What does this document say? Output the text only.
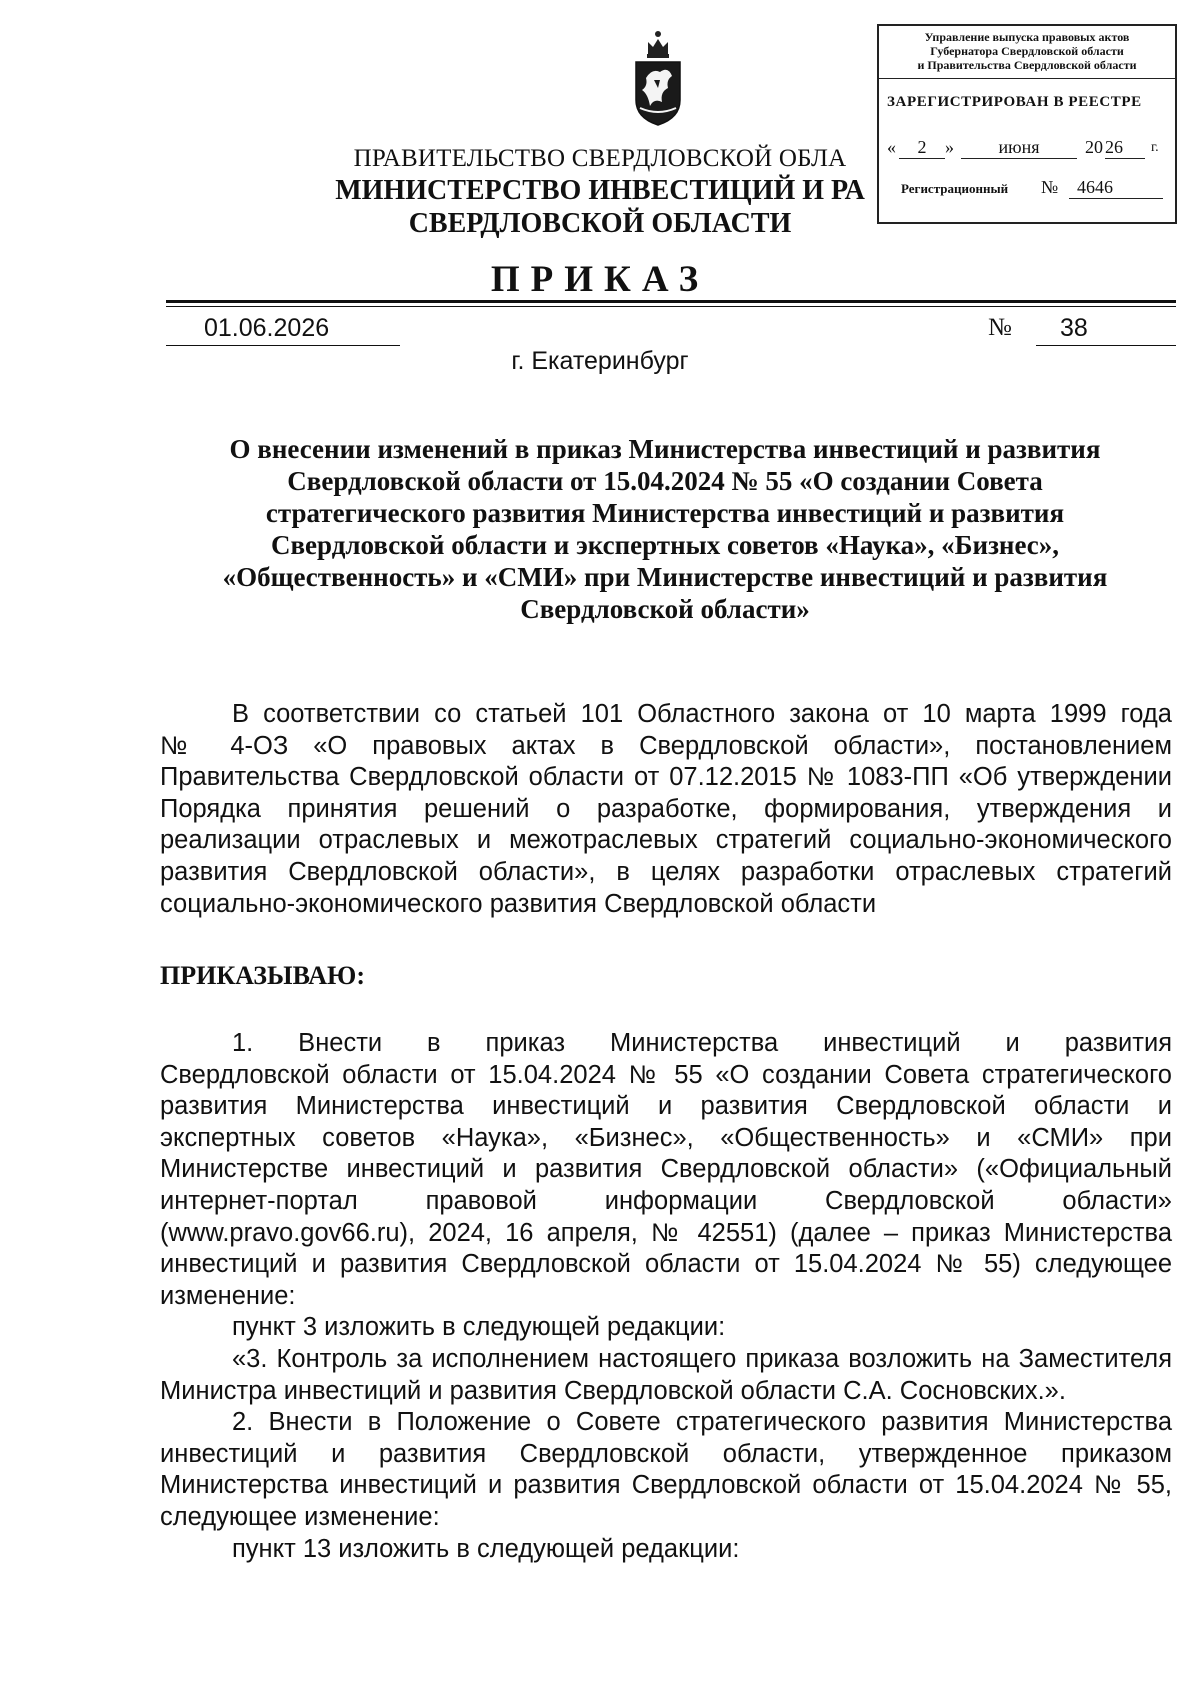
ПРАВИТЕЛЬСТВО СВЕРДЛОВСКОЙ ОБЛА
МИНИСТЕРСТВО ИНВЕСТИЦИЙ И РА
СВЕРДЛОВСКОЙ ОБЛАСТИ
Управление выпуска правовых актов
Губернатора Свердловской области
и Правительства Свердловской области
ЗАРЕГИСТРИРОВАН В РЕЕСТРЕ
«	2	»	июня	20 26	г.
Регистрационный №	4646
ПРИКАЗ
01.06.2026	№	38
г. Екатеринбург
О внесении изменений в приказ Министерства инвестиций и развития
Свердловской области от 15.04.2024 № 55 «О создании Совета
стратегического развития Министерства инвестиций и развития
Свердловской области и экспертных советов «Наука», «Бизнес»,
«Общественность» и «СМИ» при Министерстве инвестиций и развития
Свердловской области»
В соответствии со статьей 101 Областного закона от 10 марта 1999 года
№ 4-ОЗ «О правовых актах в Свердловской области», постановлением
Правительства Свердловской области от 07.12.2015 № 1083-ПП «Об утверждении
Порядка принятия решений о разработке, формирования, утверждения и
реализации отраслевых и межотраслевых стратегий социально-экономического
развития Свердловской области», в целях разработки отраслевых стратегий
социально-экономического развития Свердловской области
ПРИКАЗЫВАЮ:
1. Внести в приказ Министерства инвестиций и развития
Свердловской области от 15.04.2024 № 55 «О создании Совета стратегического
развития Министерства инвестиций и развития Свердловской области и
экспертных советов «Наука», «Бизнес», «Общественность» и «СМИ» при
Министерстве инвестиций и развития Свердловской области» («Официальный
интернет-портал правовой информации Свердловской области»
(www.pravo.gov66.ru), 2024, 16 апреля, № 42551) (далее – приказ Министерства
инвестиций и развития Свердловской области от 15.04.2024 № 55) следующее
изменение:
пункт 3 изложить в следующей редакции:
«3. Контроль за исполнением настоящего приказа возложить на Заместителя
Министра инвестиций и развития Свердловской области С.А. Сосновских.».
2. Внести в Положение о Совете стратегического развития Министерства
инвестиций и развития Свердловской области, утвержденное приказом
Министерства инвестиций и развития Свердловской области от 15.04.2024 № 55,
следующее изменение:
пункт 13 изложить в следующей редакции:
